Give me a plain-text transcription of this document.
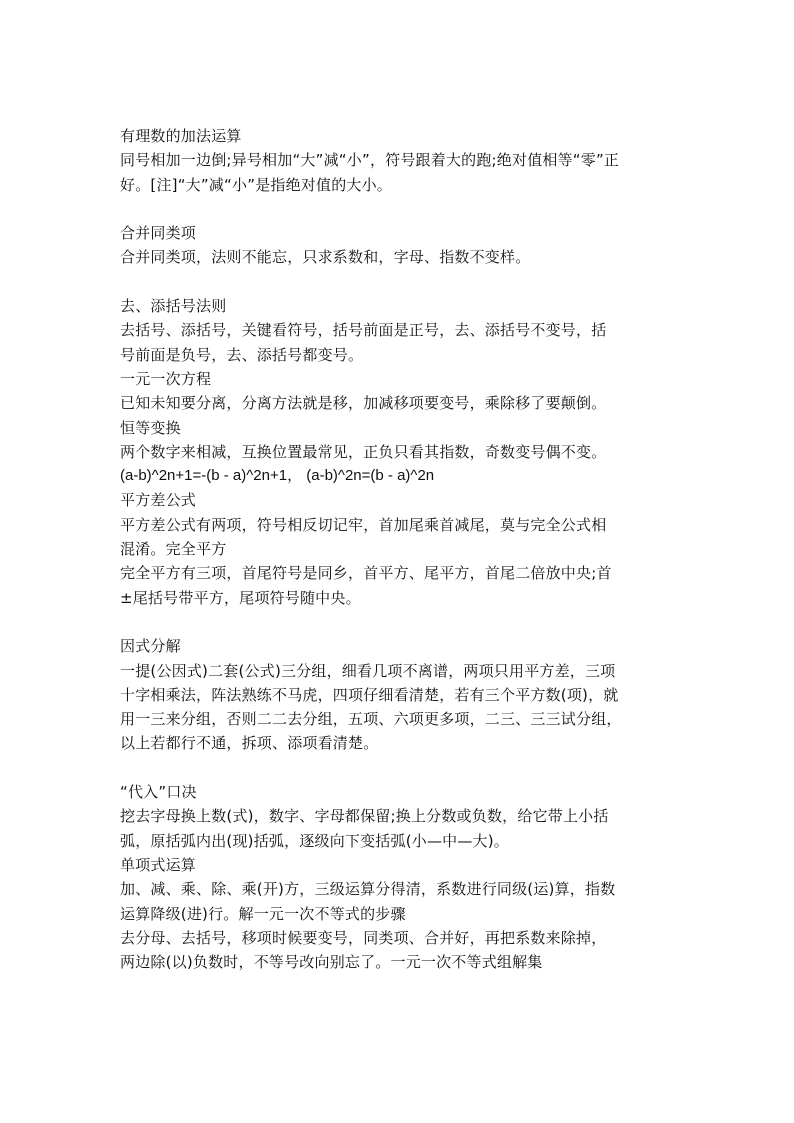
有理数的加法运算
同号相加一边倒;异号相加“大”减“小”，符号跟着大的跑;绝对值相等“零”正
好。[注]“大”减“小”是指绝对值的大小。
合并同类项
合并同类项，法则不能忘，只求系数和，字母、指数不变样。
去、添括号法则
去括号、添括号，关键看符号，括号前面是正号，去、添括号不变号，括
号前面是负号，去、添括号都变号。
一元一次方程
已知未知要分离，分离方法就是移，加减移项要变号，乘除移了要颠倒。
恒等变换
两个数字来相减，互换位置最常见，正负只看其指数，奇数变号偶不变。
(a-b)^2n+1=-(b - a)^2n+1， (a-b)^2n=(b - a)^2n
平方差公式
平方差公式有两项，符号相反切记牢，首加尾乘首减尾，莫与完全公式相
混淆。完全平方
完全平方有三项，首尾符号是同乡，首平方、尾平方，首尾二倍放中央;首
±尾括号带平方，尾项符号随中央。
因式分解
一提(公因式)二套(公式)三分组，细看几项不离谱，两项只用平方差，三项
十字相乘法，阵法熟练不马虎，四项仔细看清楚，若有三个平方数(项)，就
用一三来分组，否则二二去分组，五项、六项更多项，二三、三三试分组，
以上若都行不通，拆项、添项看清楚。
“代入”口决
挖去字母换上数(式)，数字、字母都保留;换上分数或负数，给它带上小括
弧，原括弧内出(现)括弧，逐级向下变括弧(小—中—大)。
单项式运算
加、减、乘、除、乘(开)方，三级运算分得清，系数进行同级(运)算，指数
运算降级(进)行。解一元一次不等式的步骤
去分母、去括号，移项时候要变号，同类项、合并好，再把系数来除掉，
两边除(以)负数时，不等号改向别忘了。一元一次不等式组解集
